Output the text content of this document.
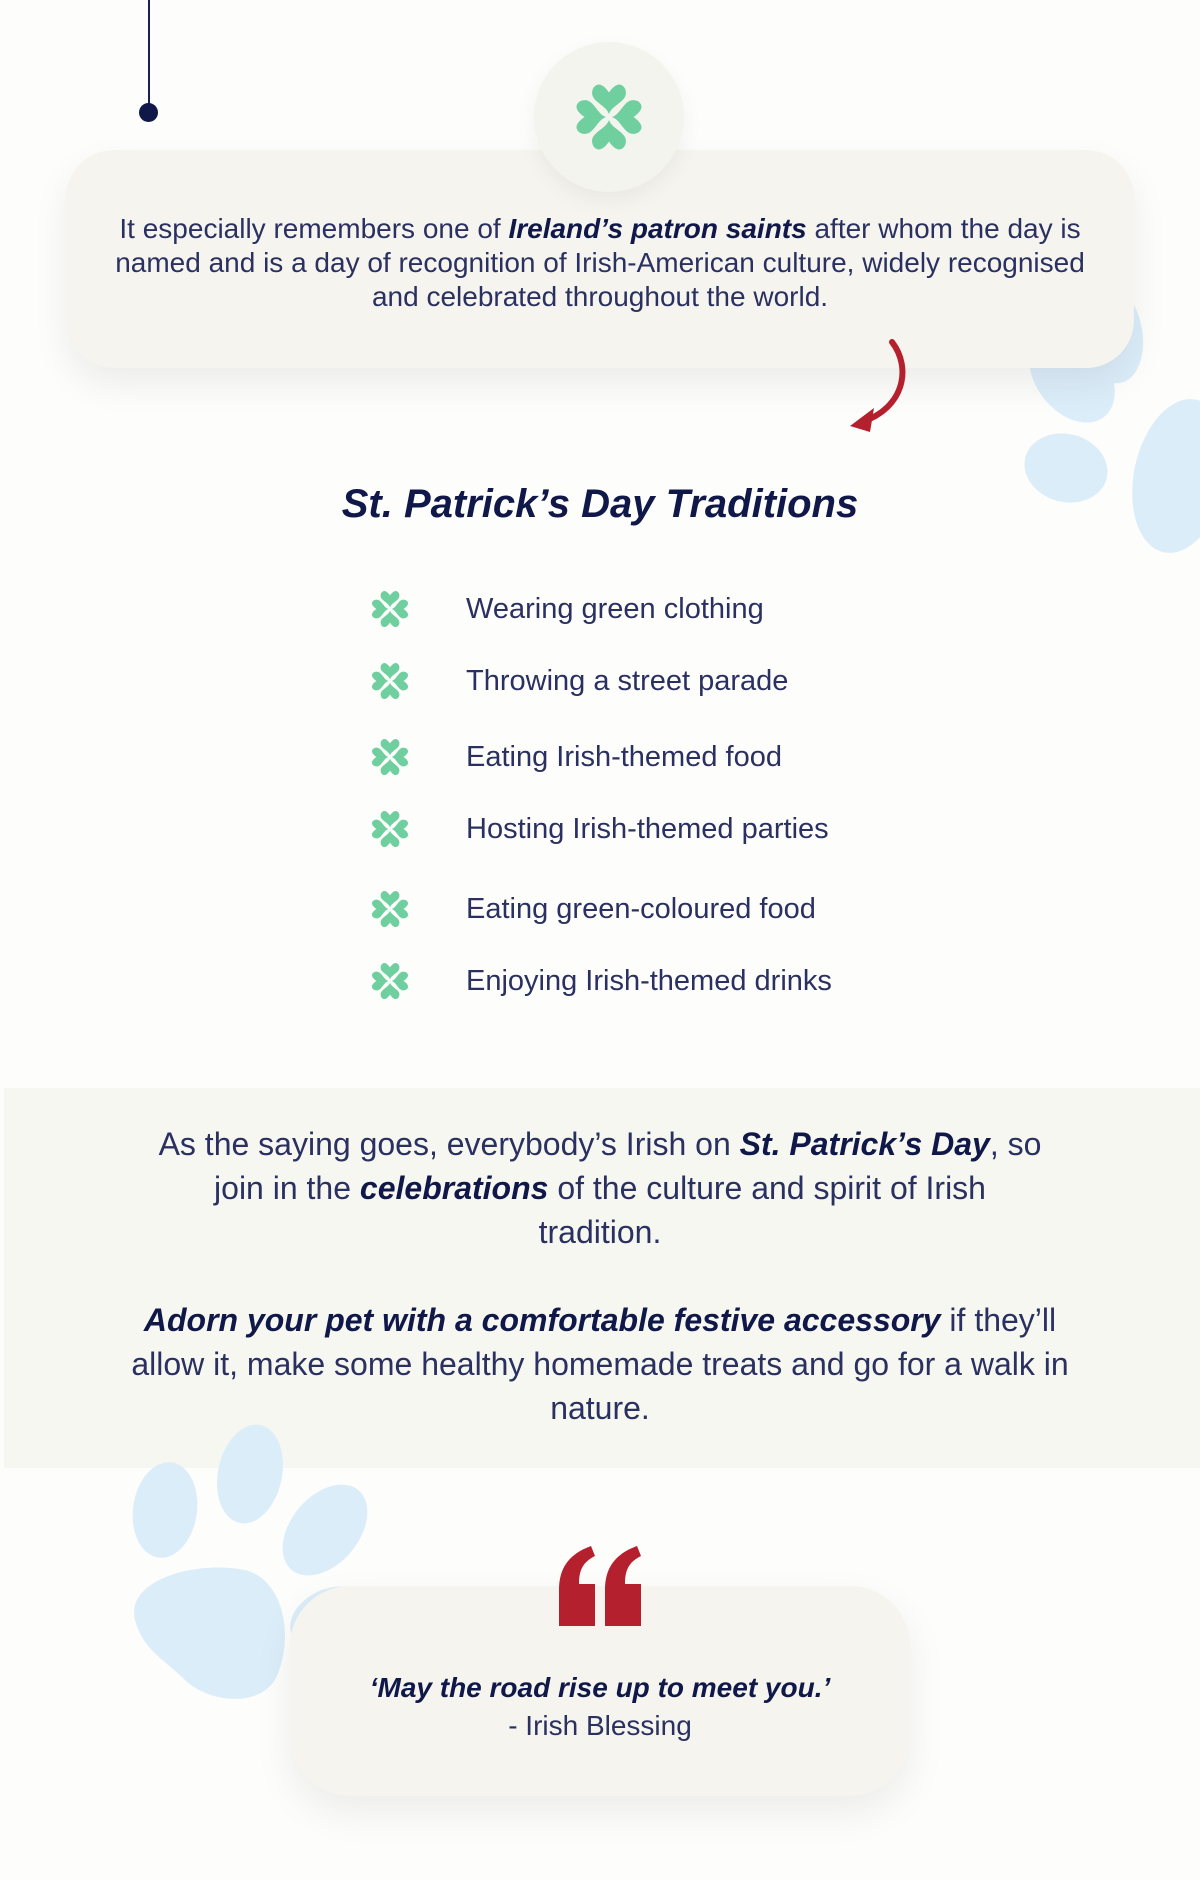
It especially remembers one of Ireland’s patron saints after whom the day is named and is a day of recognition of Irish-American culture, widely recognised and celebrated throughout the world.
St. Patrick’s Day Traditions
Wearing green clothing
Throwing a street parade
Eating Irish-themed food
Hosting Irish-themed parties
Eating green-coloured food
Enjoying Irish-themed drinks
As the saying goes, everybody’s Irish on St. Patrick’s Day, so join in the celebrations of the culture and spirit of Irish tradition.
Adorn your pet with a comfortable festive accessory if they’ll allow it, make some healthy homemade treats and go for a walk in nature.
‘May the road rise up to meet you.’
- Irish Blessing
